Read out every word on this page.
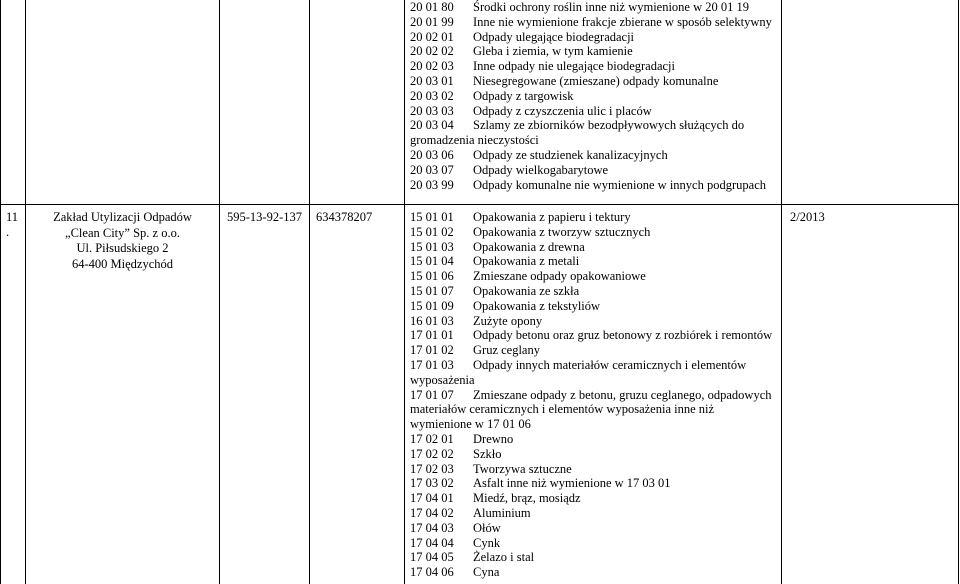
20 01 80 Środki ochrony roślin inne niż wymienione w 20 01 19
20 01 99 Inne nie wymienione frakcje zbierane w sposób selektywny
20 02 01 Odpady ulegające biodegradacji
20 02 02 Gleba i ziemia, w tym kamienie
20 02 03 Inne odpady nie ulegające biodegradacji
20 03 01 Niesegregowane (zmieszane) odpady komunalne
20 03 02 Odpady z targowisk
20 03 03 Odpady z czyszczenia ulic i placów
20 03 04 Szlamy ze zbiorników bezodpływowych służących do
gromadzenia nieczystości
20 03 06 Odpady ze studzienek kanalizacyjnych
20 03 07 Odpady wielkogabarytowe
20 03 99 Odpady komunalne nie wymienione w innych podgrupach
11
.
Zakład Utylizacji Odpadów
„Clean City” Sp. z o.o.
Ul. Piłsudskiego 2
64-400 Międzychód
595-13-92-137 634378207	2/2013
15 01 01 Opakowania z papieru i tektury
15 01 02 Opakowania z tworzyw sztucznych
15 01 03 Opakowania z drewna
15 01 04 Opakowania z metali
15 01 06 Zmieszane odpady opakowaniowe
15 01 07 Opakowania ze szkła
15 01 09 Opakowania z tekstyliów
16 01 03 Zużyte opony
17 01 01 Odpady betonu oraz gruz betonowy z rozbiórek i remontów
17 01 02 Gruz ceglany
17 01 03 Odpady innych materiałów ceramicznych i elementów
wyposażenia
17 01 07 Zmieszane odpady z betonu, gruzu ceglanego, odpadowych
materiałów ceramicznych i elementów wyposażenia inne niż
wymienione w 17 01 06
17 02 01 Drewno
17 02 02 Szkło
17 02 03 Tworzywa sztuczne
17 03 02 Asfalt inne niż wymienione w 17 03 01
17 04 01 Miedź, brąz, mosiądz
17 04 02 Aluminium
17 04 03 Ołów
17 04 04 Cynk
17 04 05 Żelazo i stal
17 04 06 Cyna
